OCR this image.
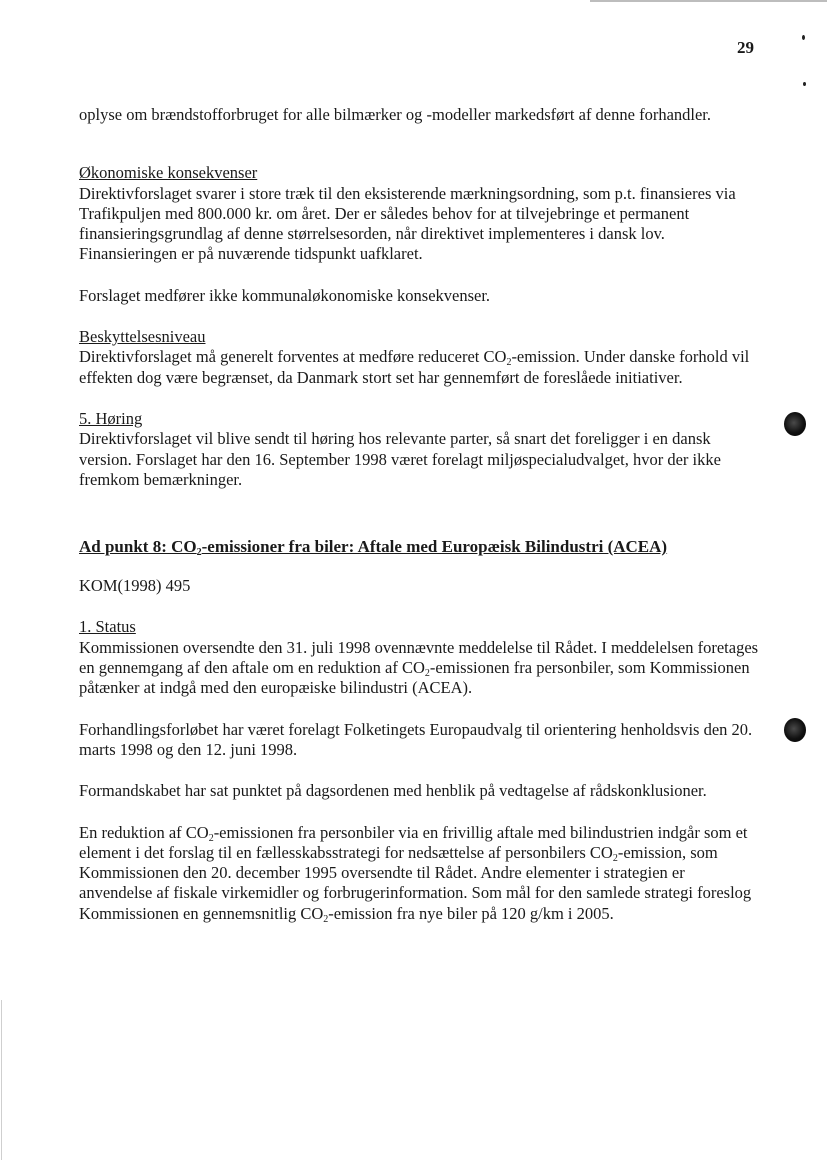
29

oplyse om brændstofforbruget for alle bilmærker og -modeller markedsført af denne forhandler.

Økonomiske konsekvenser

Direktivforslaget svarer i store træk til den eksisterende mærkningsordning, som p.t. finansieres via Trafikpuljen med 800.000 kr. om året. Der er således behov for at tilvejebringe et permanent finansieringsgrundlag af denne størrelsesorden, når direktivet implementeres i dansk lov. Finansieringen er på nuværende tidspunkt uafklaret.

Forslaget medfører ikke kommunaløkonomiske konsekvenser.

Beskyttelsesniveau

Direktivforslaget må generelt forventes at medføre reduceret $CO_2$-emission. Under danske forhold vil effekten dog være begrænset, da Danmark stort set har gennemført de foreslåede initiativer.

5. Høring

Direktivforslaget vil blive sendt til høring hos relevante parter, så snart det foreligger i en dansk version. Forslaget har den 16. September 1998 været forelagt miljøspecialudvalget, hvor der ikke fremkom bemærkninger.

Ad punkt 8: $CO_2$-emissioner fra biler: Aftale med Europæisk Bilindustri (ACEA)

KOM(1998) 495

1. Status

Kommissionen oversendte den 31. juli 1998 ovennævnte meddelelse til Rådet. I meddelelsen foretages en gennemgang af den aftale om en reduktion af $CO_2$-emissionen fra personbiler, som Kommissionen påtænker at indgå med den europæiske bilindustri (ACEA).

Forhandlingsforløbet har været forelagt Folketingets Europaudvalg til orientering henholdsvis den 20. marts 1998 og den 12. juni 1998.

Formandskabet har sat punktet på dagsordenen med henblik på vedtagelse af rådskonklusioner.

En reduktion af $CO_2$-emissionen fra personbiler via en frivillig aftale med bilindustrien indgår som et element i det forslag til en fællesskabsstrategi for nedsættelse af personbilers $CO_2$-emission, som Kommissionen den 20. december 1995 oversendte til Rådet. Andre elementer i strategien er anvendelse af fiskale virkemidler og forbrugerinformation. Som mål for den samlede strategi foreslog Kommissionen en gennemsnitlig $CO_2$-emission fra nye biler på 120 g/km i 2005.
